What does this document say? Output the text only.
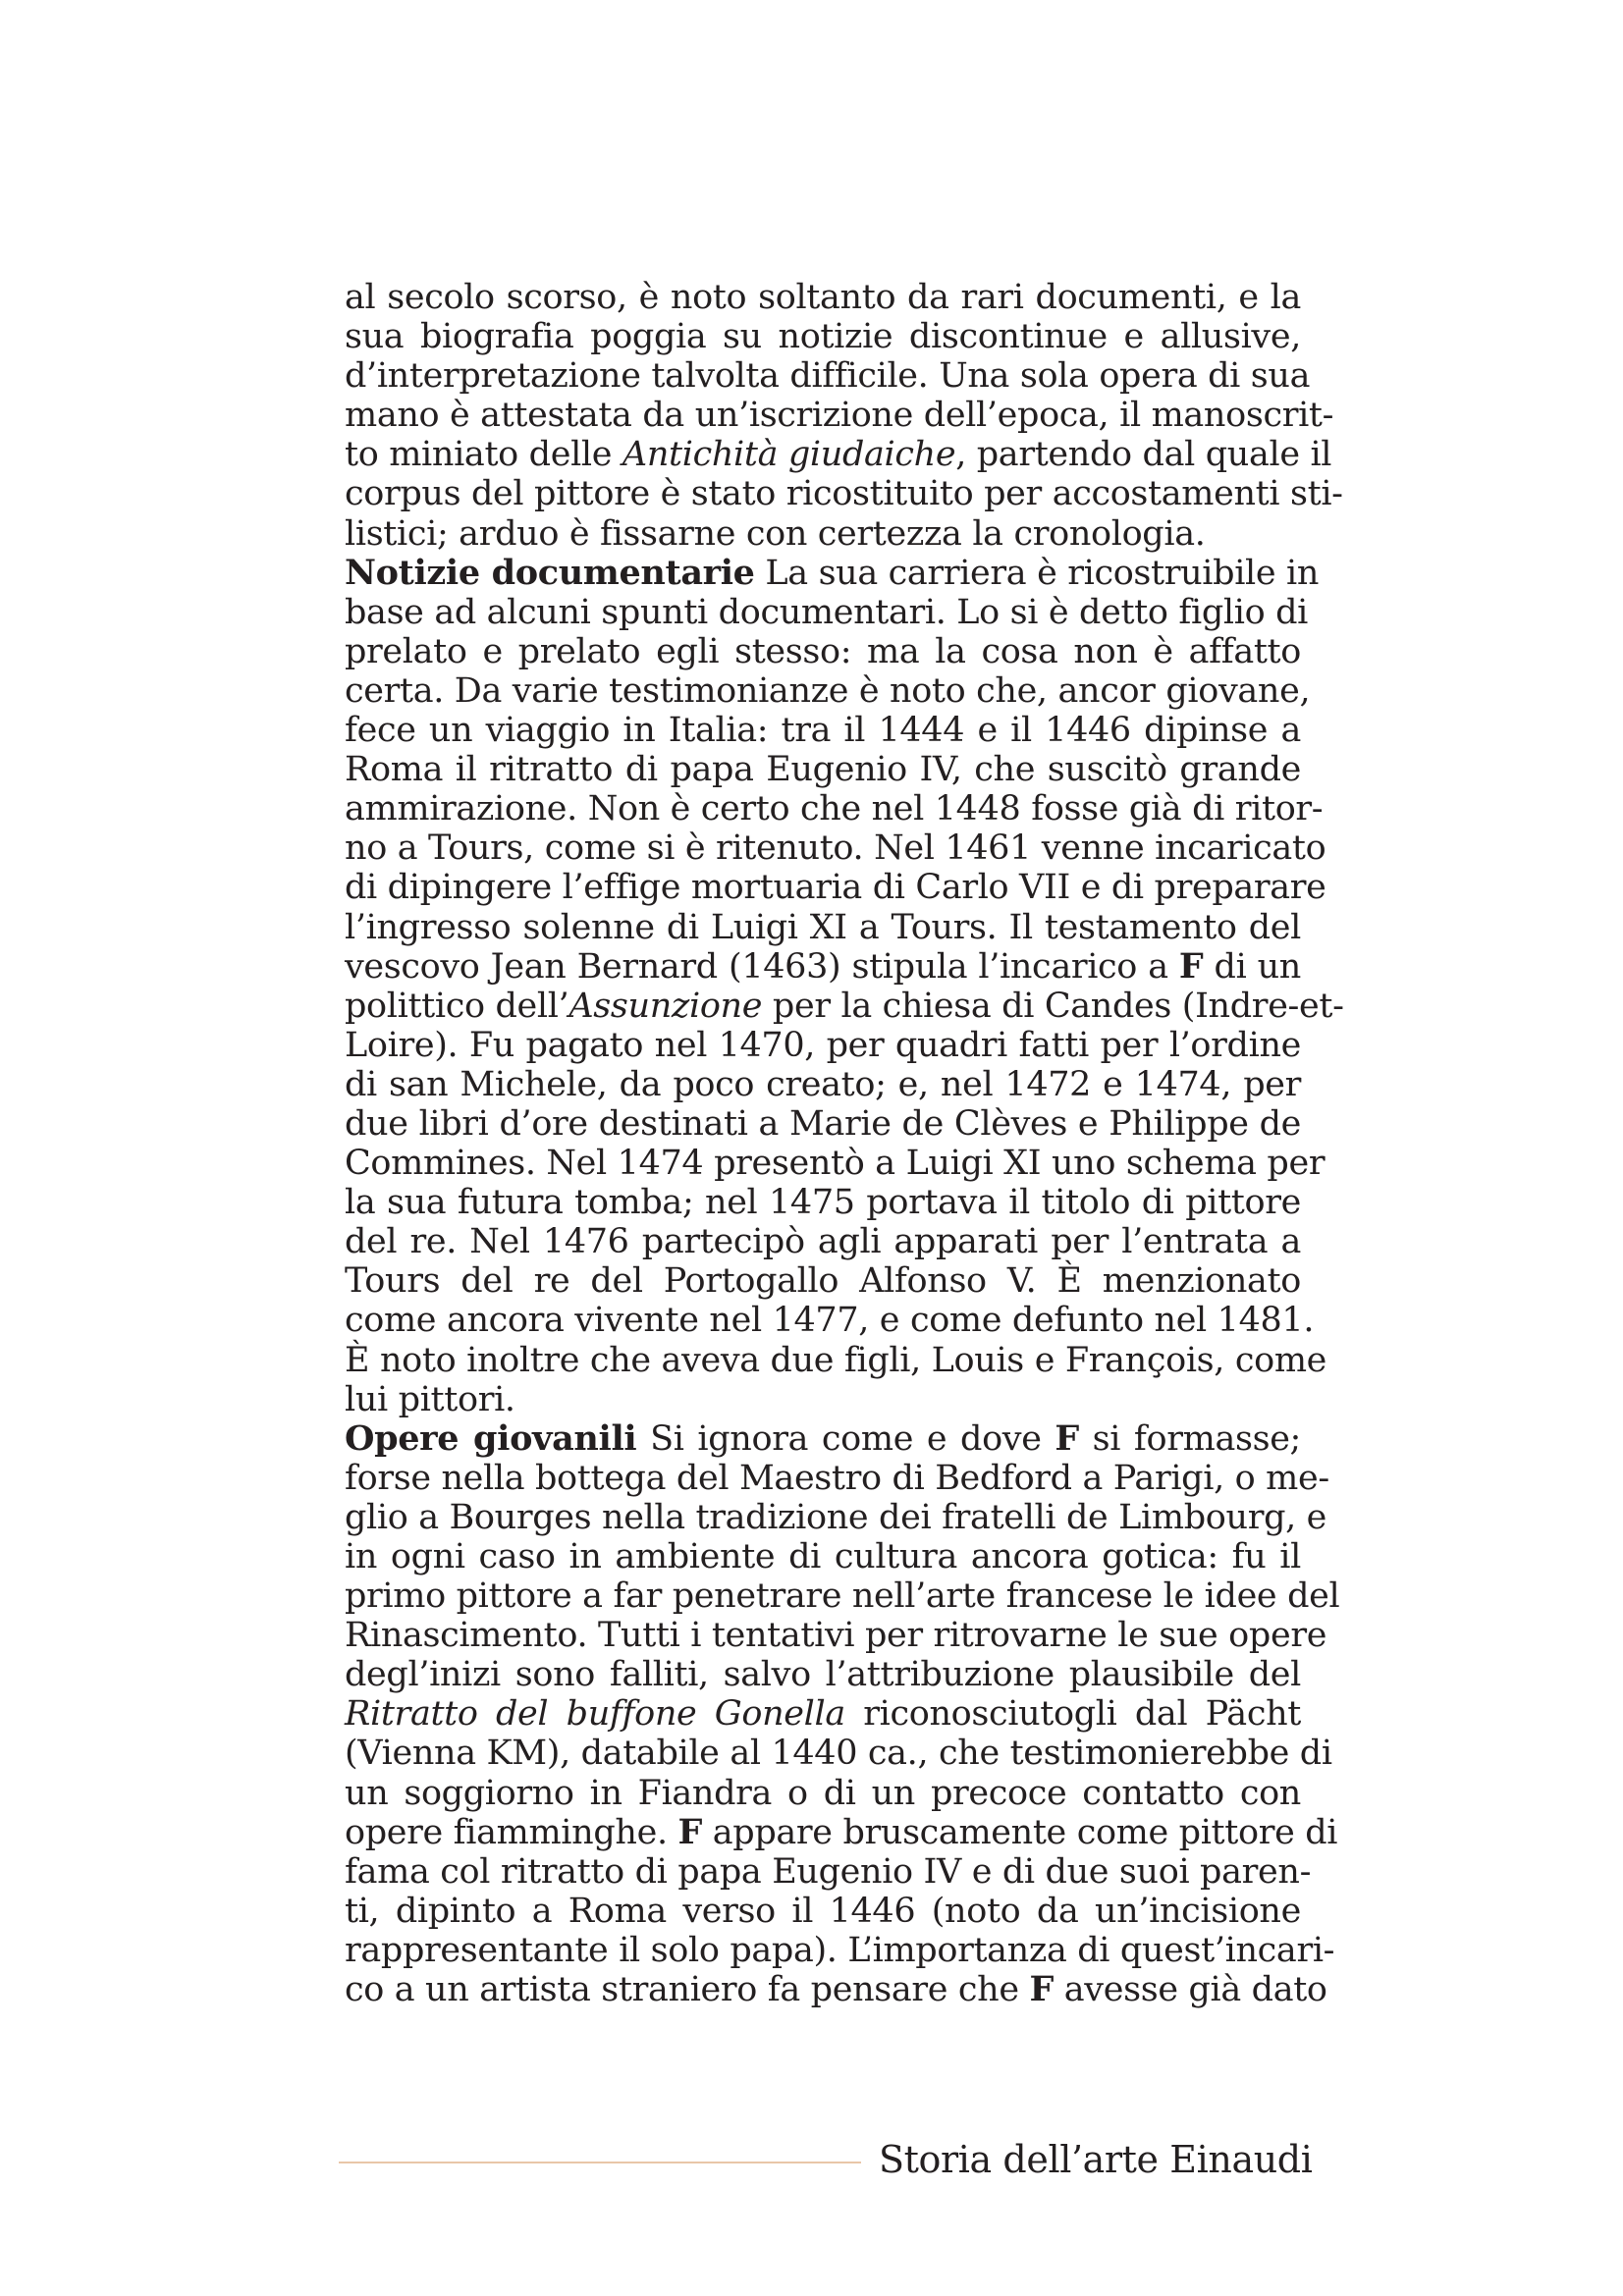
al secolo scorso, è noto soltanto da rari documenti, e la
sua biografia poggia su notizie discontinue e allusive,
d’interpretazione talvolta difficile. Una sola opera di sua
mano è attestata da un’iscrizione dell’epoca, il manoscrit-
to miniato delle Antichità giudaiche, partendo dal quale il
corpus del pittore è stato ricostituito per accostamenti sti-
listici; arduo è fissarne con certezza la cronologia.
Notizie documentarie La sua carriera è ricostruibile in
base ad alcuni spunti documentari. Lo si è detto figlio di
prelato e prelato egli stesso: ma la cosa non è affatto
certa. Da varie testimonianze è noto che, ancor giovane,
fece un viaggio in Italia: tra il 1444 e il 1446 dipinse a
Roma il ritratto di papa Eugenio IV, che suscitò grande
ammirazione. Non è certo che nel 1448 fosse già di ritor-
no a Tours, come si è ritenuto. Nel 1461 venne incaricato
di dipingere l’effige mortuaria di Carlo VII e di preparare
l’ingresso solenne di Luigi XI a Tours. Il testamento del
vescovo Jean Bernard (1463) stipula l’incarico a F di un
polittico dell’Assunzione per la chiesa di Candes (Indre-et-
Loire). Fu pagato nel 1470, per quadri fatti per l’ordine
di san Michele, da poco creato; e, nel 1472 e 1474, per
due libri d’ore destinati a Marie de Clèves e Philippe de
Commines. Nel 1474 presentò a Luigi XI uno schema per
la sua futura tomba; nel 1475 portava il titolo di pittore
del re. Nel 1476 partecipò agli apparati per l’entrata a
Tours del re del Portogallo Alfonso V. È menzionato
come ancora vivente nel 1477, e come defunto nel 1481.
È noto inoltre che aveva due figli, Louis e François, come
lui pittori.
Opere giovanili Si ignora come e dove F si formasse;
forse nella bottega del Maestro di Bedford a Parigi, o me-
glio a Bourges nella tradizione dei fratelli de Limbourg, e
in ogni caso in ambiente di cultura ancora gotica: fu il
primo pittore a far penetrare nell’arte francese le idee del
Rinascimento. Tutti i tentativi per ritrovarne le sue opere
degl’inizi sono falliti, salvo l’attribuzione plausibile del
Ritratto del buffone Gonella riconosciutogli dal Pächt
(Vienna KM), databile al 1440 ca., che testimonierebbe di
un soggiorno in Fiandra o di un precoce contatto con
opere fiamminghe. F appare bruscamente come pittore di
fama col ritratto di papa Eugenio IV e di due suoi paren-
ti, dipinto a Roma verso il 1446 (noto da un’incisione
rappresentante il solo papa). L’importanza di quest’incari-
co a un artista straniero fa pensare che F avesse già dato
Storia dell’arte Einaudi
